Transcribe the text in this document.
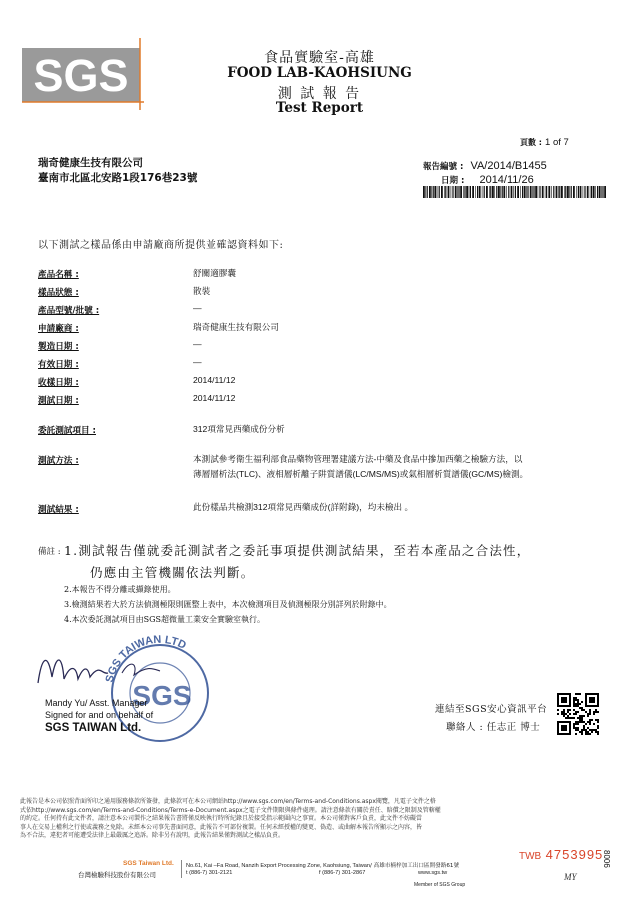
SGS	食品實驗室-高雄
FOOD LAB-KAOHSIUNG
測 試 報 告
Test Report
頁數 : 1 of 7
瑞奇健康生技有限公司
臺南市北區北安路1段176巷23號
報告編號 : VA/2014/B1455
日期 : 2014/11/26
以下測試之樣品係由申請廠商所提供並確認資料如下:
產品名稱 :	舒關適膠囊
樣品狀態 :	散裝
產品型號/批號 :	—
申請廠商 :	瑞奇健康生技有限公司
製造日期 :	—
有效日期 :	—
收樣日期 :	2014/11/12
測試日期 :	2014/11/12
委託測試項目 :	312項常見西藥成份分析
測試方法 :	本測試參考衛生福利部食品藥物管理署建議方法-中藥及食品中摻加西藥之檢驗方法，以
薄層層析法(TLC)、液相層析離子阱質譜儀(LC/MS/MS)或氣相層析質譜儀(GC/MS)檢測。
測試結果 :	此份樣品共檢測312項常見西藥成份(詳附錄)，均未檢出 。
備註 : 1.測試報告僅就委託測試者之委託事項提供測試結果，至若本產品之合法性，
仍應由主管機關依法判斷。
2.本報告不得分離或擷錄使用。
3.檢測結果若大於方法偵測極限則匯整上表中，本次檢測項目及偵測極限分別詳列於附錄中。
4.本次委託測試項目由SGS超微量工業安全實驗室執行。
SGS TAIWAN LTD
SGS
Mandy Yu
Mandy Yu/ Asst. Manager
Signed for and on behalf of
SGS TAIWAN Ltd.
連結至SGS安心資訊平台
聯絡人 : 任志正 博士
此報告是本公司依照背面所印之通用服務條款所簽發，此條款可在本公司網站http://www.sgs.com/en/Terms-and-Conditions.aspx閱覽，凡電子文件之格
式依http://www.sgs.com/en/Terms-and-Conditions/Terms-e-Document.aspx之電子文件期限與條件處理。請注意條款有關於責任、賠償之限制及管轄權
的約定。任何持有此文件者，請注意本公司製作之結果報告書將僅反映執行時所紀錄且於接受指示範圍內之事實。本公司僅對客戶負責，此文件不妨礙當
事人在交易上權利之行使或義務之免除。未經本公司事先書面同意，此報告不可部份複製。任何未經授權的變更、偽造、或曲解本報告所顯示之內容，皆
為不合法，違犯者可能遭受法律上最嚴厲之追訴。除非另有說明，此報告結果僅對測試之樣品負責。
TWB 4753995
8006
SGS Taiwan Ltd.
台灣檢驗科技股份有限公司
No.61, Kai –Fa Road, Nanzih Export Processing Zone, Kaohsiung, Taiwan/ 高雄市楠梓加工出口區開發路61號
t (886-7) 301-2121	f (886-7) 301-2867	www.sgs.tw
Member of SGS Group
MY
